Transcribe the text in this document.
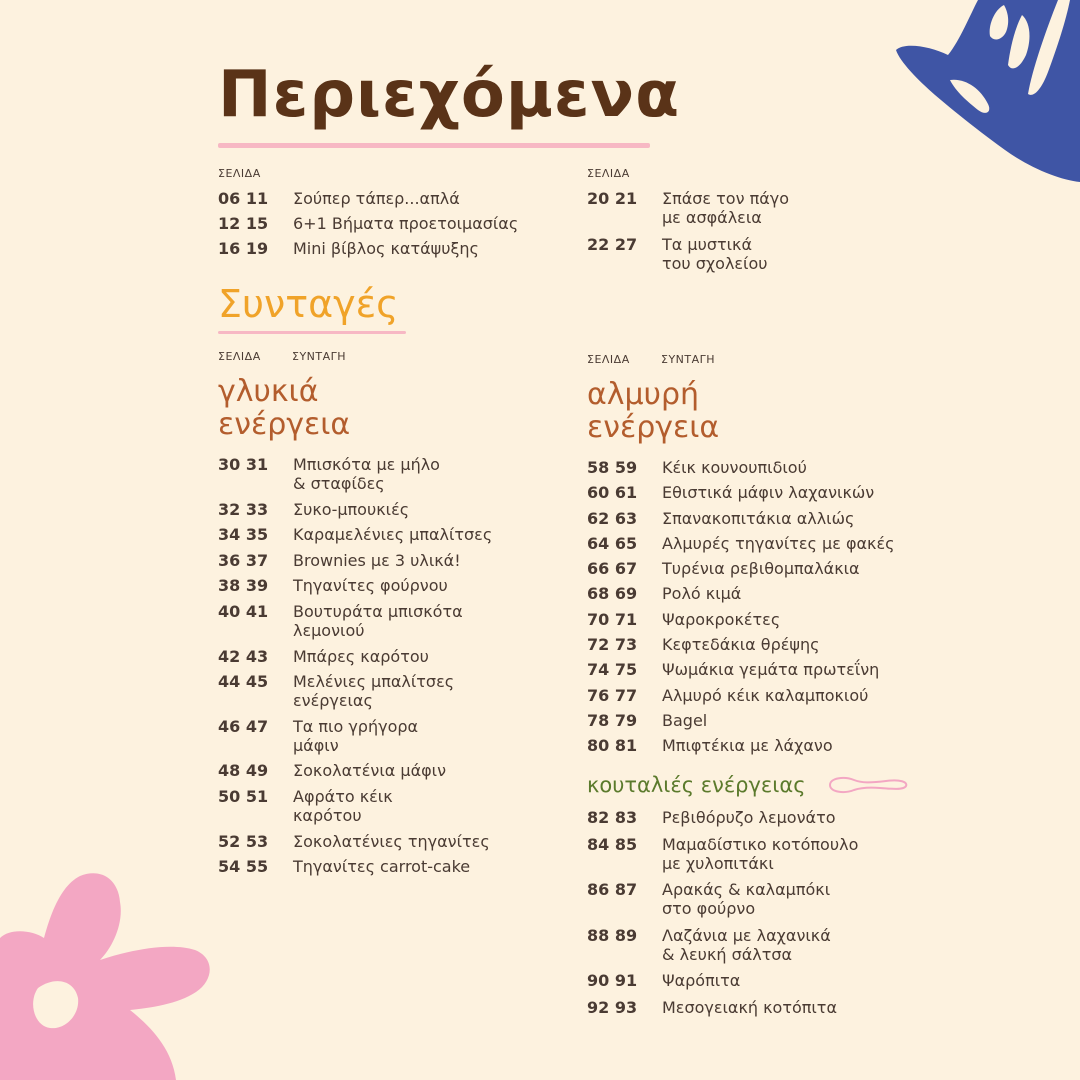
Περιεχόμενα
ΣΕΛΙΔΑ
06 11	Σούπερ τάπερ...απλά
12 15	6+1 Βήματα προετοιμασίας
16 19	Mini βίβλος κατάψυξης
ΣΕΛΙΔΑ
20 21	Σπάσε τον πάγο
με ασφάλεια
22 27	Τα μυστικά
του σχολείου
Συνταγές
ΣΕΛΙΔΑ	ΣΥΝΤΑΓΗ
γλυκιά
ενέργεια
30 31	Μπισκότα με μήλο
& σταφίδες
32 33	Συκο-μπουκιές
34 35	Καραμελένιες μπαλίτσες
36 37	Brownies με 3 υλικά!
38 39	Τηγανίτες φούρνου
40 41	Βουτυράτα μπισκότα
λεμονιού
42 43	Μπάρες καρότου
44 45	Μελένιες μπαλίτσες
ενέργειας
46 47	Τα πιο γρήγορα
μάφιν
48 49	Σοκολατένια μάφιν
50 51	Αφράτο κέικ
καρότου
52 53	Σοκολατένιες τηγανίτες
54 55	Τηγανίτες carrot-cake
ΣΕΛΙΔΑ	ΣΥΝΤΑΓΗ
αλμυρή
ενέργεια
58 59	Κέικ κουνουπιδιού
60 61	Εθιστικά μάφιν λαχανικών
62 63	Σπανακοπιτάκια αλλιώς
64 65	Αλμυρές τηγανίτες με φακές
66 67	Τυρένια ρεβιθομπαλάκια
68 69	Ρολό κιμά
70 71	Ψαροκροκέτες
72 73	Κεφτεδάκια θρέψης
74 75	Ψωμάκια γεμάτα πρωτεΐνη
76 77	Αλμυρό κέικ καλαμποκιού
78 79	Bagel
80 81	Μπιφτέκια με λάχανο
κουταλιές ενέργειας
82 83	Ρεβιθόρυζο λεμονάτο
84 85	Μαμαδίστικο κοτόπουλο
με χυλοπιτάκι
86 87	Αρακάς & καλαμπόκι
στο φούρνο
88 89	Λαζάνια με λαχανικά
& λευκή σάλτσα
90 91	Ψαρόπιτα
92 93	Μεσογειακή κοτόπιτα
